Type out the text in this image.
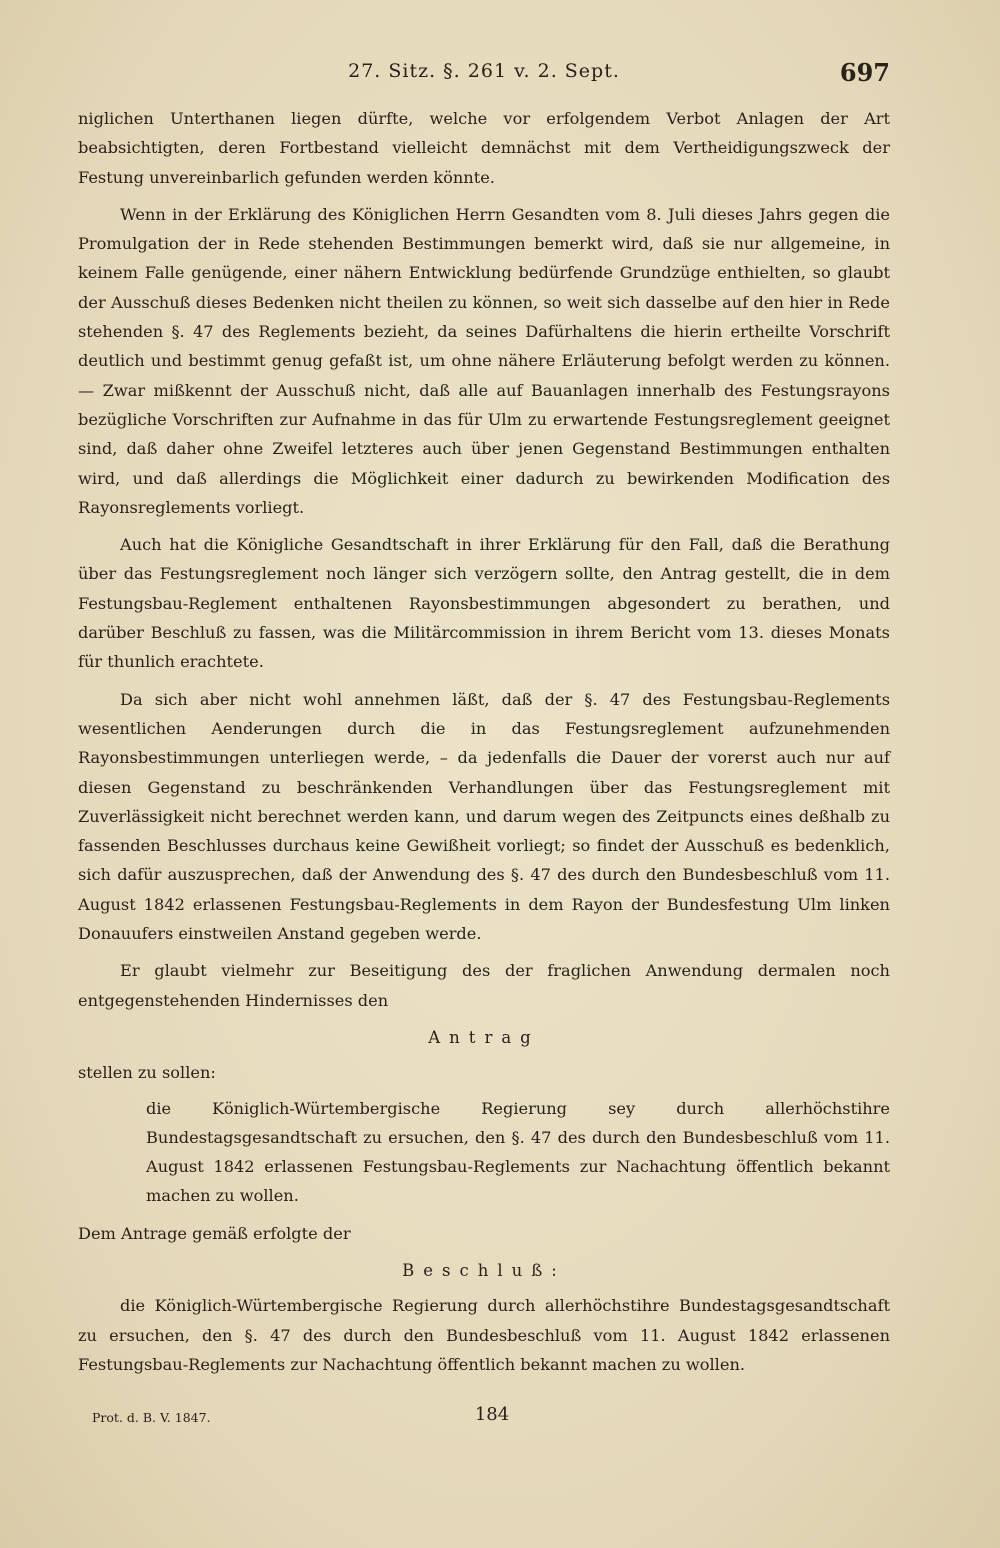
27. Sitz. §. 261 v. 2. Sept.	697

niglichen Unterthanen liegen dürfte, welche vor erfolgendem Verbot Anlagen der Art beabsichtigten, deren Fortbestand vielleicht demnächst mit dem Vertheidigungszweck der Festung unvereinbarlich gefunden werden könnte.

Wenn in der Erklärung des Königlichen Herrn Gesandten vom 8. Juli dieses Jahrs gegen die Promulgation der in Rede stehenden Bestimmungen bemerkt wird, daß sie nur allgemeine, in keinem Falle genügende, einer nähern Entwicklung bedürfende Grundzüge enthielten, so glaubt der Ausschuß dieses Bedenken nicht theilen zu können, so weit sich dasselbe auf den hier in Rede stehenden §. 47 des Reglements bezieht, da seines Dafürhaltens die hierin ertheilte Vorschrift deutlich und bestimmt genug gefaßt ist, um ohne nähere Erläuterung befolgt werden zu können. — Zwar mißkennt der Ausschuß nicht, daß alle auf Bauanlagen innerhalb des Festungsrayons bezügliche Vorschriften zur Aufnahme in das für Ulm zu erwartende Festungsreglement geeignet sind, daß daher ohne Zweifel letzteres auch über jenen Gegenstand Bestimmungen enthalten wird, und daß allerdings die Möglichkeit einer dadurch zu bewirkenden Modification des Rayonsreglements vorliegt.

Auch hat die Königliche Gesandtschaft in ihrer Erklärung für den Fall, daß die Berathung über das Festungsreglement noch länger sich verzögern sollte, den Antrag gestellt, die in dem Festungsbau-Reglement enthaltenen Rayonsbestimmungen abgesondert zu berathen, und darüber Beschluß zu fassen, was die Militärcommission in ihrem Bericht vom 13. dieses Monats für thunlich erachtete.

Da sich aber nicht wohl annehmen läßt, daß der §. 47 des Festungsbau-Reglements wesentlichen Aenderungen durch die in das Festungsreglement aufzunehmenden Rayonsbestimmungen unterliegen werde, – da jedenfalls die Dauer der vorerst auch nur auf diesen Gegenstand zu beschränkenden Verhandlungen über das Festungsreglement mit Zuverlässigkeit nicht berechnet werden kann, und darum wegen des Zeitpuncts eines deßhalb zu fassenden Beschlusses durchaus keine Gewißheit vorliegt; so findet der Ausschuß es bedenklich, sich dafür auszusprechen, daß der Anwendung des §. 47 des durch den Bundesbeschluß vom 11. August 1842 erlassenen Festungsbau-Reglements in dem Rayon der Bundesfestung Ulm linken Donauufers einstweilen Anstand gegeben werde.

Er glaubt vielmehr zur Beseitigung des der fraglichen Anwendung dermalen noch entgegenstehenden Hindernisses den

Antrag

stellen zu sollen:

die Königlich-Würtembergische Regierung sey durch allerhöchstihre Bundestagsgesandtschaft zu ersuchen, den §. 47 des durch den Bundesbeschluß vom 11. August 1842 erlassenen Festungsbau-Reglements zur Nachachtung öffentlich bekannt machen zu wollen.

Dem Antrage gemäß erfolgte der

Beschluß:

die Königlich-Würtembergische Regierung durch allerhöchstihre Bundestagsgesandtschaft zu ersuchen, den §. 47 des durch den Bundesbeschluß vom 11. August 1842 erlassenen Festungsbau-Reglements zur Nachachtung öffentlich bekannt machen zu wollen.

Prot. d. B. V. 1847.	184
